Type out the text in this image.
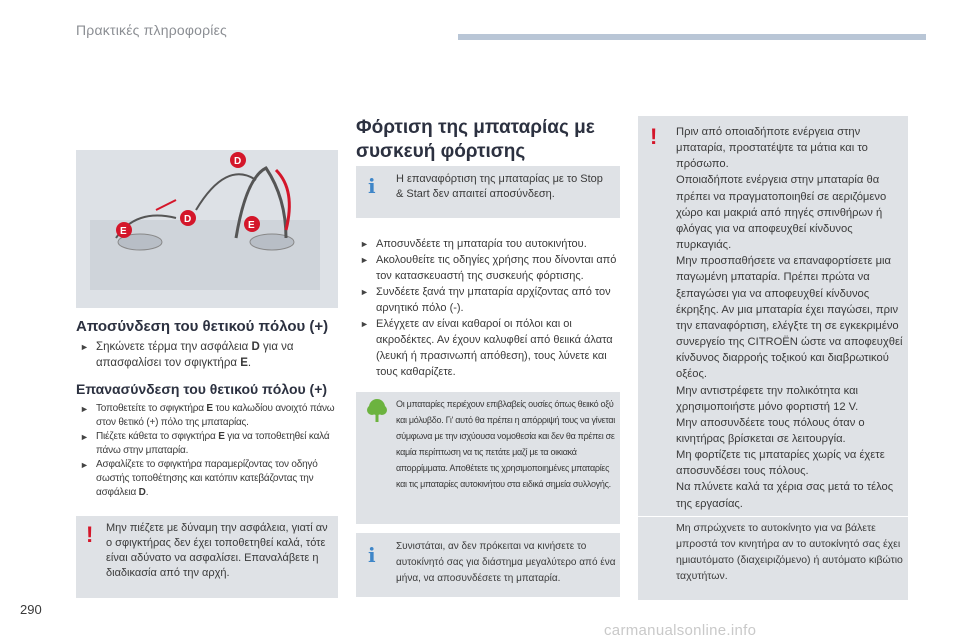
Πρακτικές πληροφορίες
D
D
E
E
Αποσύνδεση του θετικού πόλου (+)
► Σηκώνετε τέρμα την ασφάλεια D για να απασφαλίσει τον σφιγκτήρα E.
Επανασύνδεση του θετικού πόλου (+)
► Τοποθετείτε το σφιγκτήρα E του καλωδίου ανοιχτό πάνω στον θετικό (+) πόλο της μπαταρίας.
► Πιέζετε κάθετα το σφιγκτήρα E για να τοποθετηθεί καλά πάνω στην μπαταρία.
► Ασφαλίζετε το σφιγκτήρα παραμερίζοντας τον οδηγό σωστής τοποθέτησης και κατόπιν κατεβάζοντας την ασφάλεια D.
! Μην πιέζετε με δύναμη την ασφάλεια, γιατί αν ο σφιγκτήρας δεν έχει τοποθετηθεί καλά, τότε είναι αδύνατο να ασφαλίσει. Επαναλάβετε η διαδικασία από την αρχή.
Φόρτιση της μπαταρίας με συσκευή φόρτισης
i Η επαναφόρτιση της μπαταρίας με το Stop & Start δεν απαιτεί αποσύνδεση.
► Αποσυνδέετε τη μπαταρία του αυτοκινήτου.
► Ακολουθείτε τις οδηγίες χρήσης που δίνονται από τον κατασκευαστή της συσκευής φόρτισης.
► Συνδέετε ξανά την μπαταρία αρχίζοντας από τον αρνητικό πόλο (-).
► Ελέγχετε αν είναι καθαροί οι πόλοι και οι ακροδέκτες. Αν έχουν καλυφθεί από θειικά άλατα (λευκή ή πρασινωπή απόθεση), τους λύνετε και τους καθαρίζετε.
Οι μπαταρίες περιέχουν επιβλαβείς ουσίες όπως θειικό οξύ και μόλυβδο. Γι' αυτό θα πρέπει η απόρριψή τους να γίνεται σύμφωνα με την ισχύουσα νομοθεσία και δεν θα πρέπει σε καμία περίπτωση να τις πετάτε μαζί με τα οικιακά απορρίμματα. Αποθέτετε τις χρησιμοποιημένες μπαταρίες και τις μπαταρίες αυτοκινήτου στα ειδικά σημεία συλλογής.
i Συνιστάται, αν δεν πρόκειται να κινήσετε το αυτοκίνητό σας για διάστημα μεγαλύτερο από ένα μήνα, να αποσυνδέσετε τη μπαταρία.
! Πριν από οποιαδήποτε ενέργεια στην μπαταρία, προστατέψτε τα μάτια και το πρόσωπο.

Οποιαδήποτε ενέργεια στην μπαταρία θα πρέπει να πραγματοποιηθεί σε αεριζόμενο χώρο και μακριά από πηγές σπινθήρων ή φλόγας για να αποφευχθεί κίνδυνος πυρκαγιάς.

Μην προσπαθήσετε να επαναφορτίσετε μια παγωμένη μπαταρία. Πρέπει πρώτα να ξεπαγώσει για να αποφευχθεί κίνδυνος έκρηξης. Αν μια μπαταρία έχει παγώσει, πριν την επαναφόρτιση, ελέγξτε τη σε εγκεκριμένο συνεργείο της CITROËN ώστε να αποφευχθεί κίνδυνος διαρροής τοξικού και διαβρωτικού οξέος.

Μην αντιστρέφετε την πολικότητα και χρησιμοποιήστε μόνο φορτιστή 12 V.

Μην αποσυνδέετε τους πόλους όταν ο κινητήρας βρίσκεται σε λειτουργία.

Μη φορτίζετε τις μπαταρίες χωρίς να έχετε αποσυνδέσει τους πόλους.

Να πλύνετε καλά τα χέρια σας μετά το τέλος της εργασίας.

Μη σπρώχνετε το αυτοκίνητο για να βάλετε μπροστά τον κινητήρα αν το αυτοκίνητό σας έχει ημιαυτόματο (διαχειριζόμενο) ή αυτόματο κιβώτιο ταχυτήτων.

290
carmanualsonline.info
